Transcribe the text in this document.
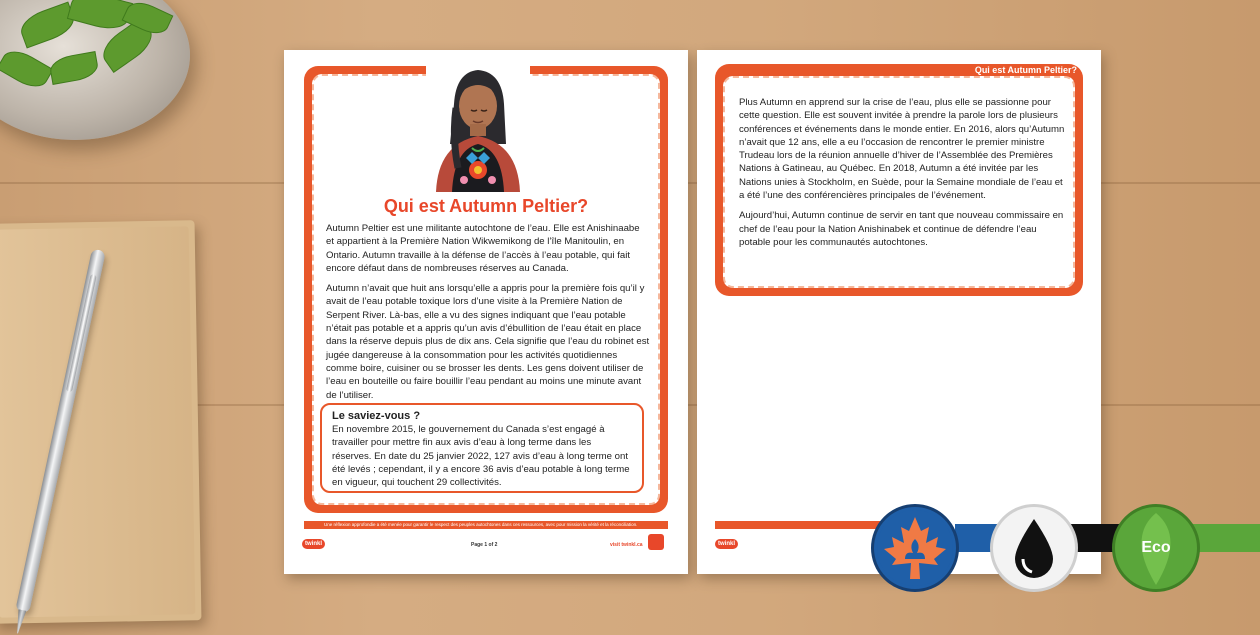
Qui est Autumn Peltier?

Autumn Peltier est une militante autochtone de l’eau. Elle est Anishinaabe et appartient à la Première Nation Wikwemikong de l’île Manitoulin, en Ontario. Autumn travaille à la défense de l’accès à l’eau potable, qui fait encore défaut dans de nombreuses réserves au Canada.

Autumn n’avait que huit ans lorsqu’elle a appris pour la première fois qu’il y avait de l’eau potable toxique lors d’une visite à la Première Nation de Serpent River. Là-bas, elle a vu des signes indiquant que l’eau potable n’était pas potable et a appris qu’un avis d’ébullition de l’eau était en place dans la réserve depuis plus de dix ans. Cela signifie que l’eau du robinet est jugée dangereuse à la consommation pour les activités quotidiennes comme boire, cuisiner ou se brosser les dents. Les gens doivent utiliser de l’eau en bouteille ou faire bouillir l’eau pendant au moins une minute avant de l’utiliser.

Le saviez-vous ?
En novembre 2015, le gouvernement du Canada s’est engagé à travailler pour mettre fin aux avis d’eau à long terme dans les réserves. En date du 25 janvier 2022, 127 avis d’eau à long terme ont été levés ; cependant, il y a encore 36 avis d’eau potable à long terme en vigueur, qui touchent 29 collectivités.
Une réflexion approfondie a été menée pour garantir le respect des peuples autochtones dans ces ressources, avec pour mission la vérité et la réconciliation.
twinkl	Page 1 of 2	visit twinkl.ca
Qui est Autumn Peltier?

Plus Autumn en apprend sur la crise de l’eau, plus elle se passionne pour cette question. Elle est souvent invitée à prendre la parole lors de plusieurs conférences et événements dans le monde entier. En 2016, alors qu’Autumn n’avait que 12 ans, elle a eu l’occasion de rencontrer le premier ministre Trudeau lors de la réunion annuelle d’hiver de l’Assemblée des Premières Nations à Gatineau, au Québec. En 2018, Autumn a été invitée par les Nations unies à Stockholm, en Suède, pour la Semaine mondiale de l’eau et a été l’une des conférencières principales de l’événement.

Aujourd’hui, Autumn continue de servir en tant que nouveau commissaire en chef de l’eau pour la Nation Anishinabek et continue de défendre l’eau potable pour les communautés autochtones.

twinkl	Eco
